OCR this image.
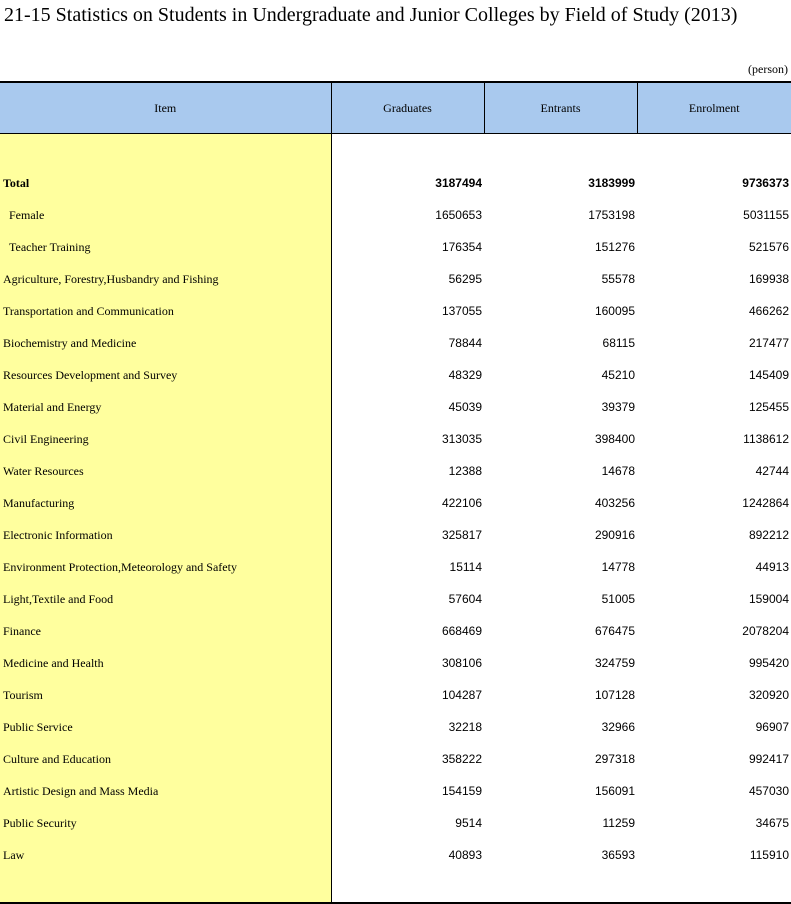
21-15 Statistics on Students in Undergraduate and Junior Colleges by Field of Study (2013)
(person)
Item	Graduates	Entrants	Enrolment

Total	3187494	3183999	9736373
Female	1650653	1753198	5031155
Teacher Training	176354	151276	521576
Agriculture, Forestry,Husbandry and Fishing	56295	55578	169938
Transportation and Communication	137055	160095	466262
Biochemistry and Medicine	78844	68115	217477
Resources Development and Survey	48329	45210	145409
Material and Energy	45039	39379	125455
Civil Engineering	313035	398400	1138612
Water Resources	12388	14678	42744
Manufacturing	422106	403256	1242864
Electronic Information	325817	290916	892212
Environment Protection,Meteorology and Safety	15114	14778	44913
Light,Textile and Food	57604	51005	159004
Finance	668469	676475	2078204
Medicine and Health	308106	324759	995420
Tourism	104287	107128	320920
Public Service	32218	32966	96907
Culture and Education	358222	297318	992417
Artistic Design and Mass Media	154159	156091	457030
Public Security	9514	11259	34675
Law	40893	36593	115910
